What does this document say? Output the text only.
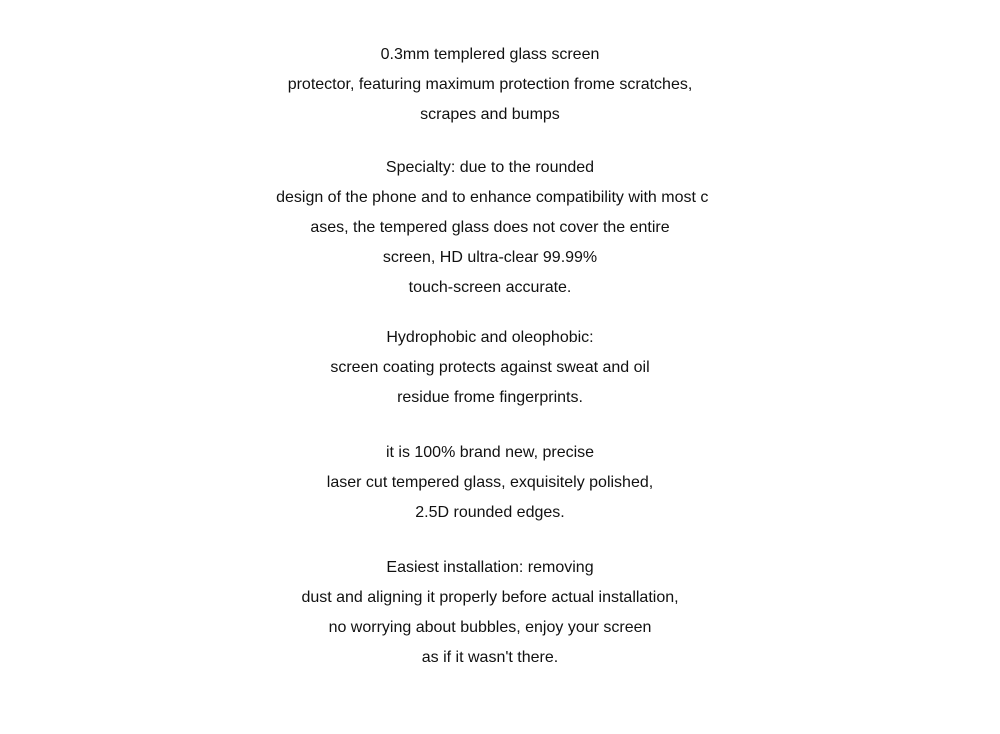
0.3mm templered glass screen
protector, featuring maximum protection frome scratches,
scrapes and bumps
Specialty: due to the rounded
design of the phone and to enhance compatibility with most c
ases, the tempered glass does not cover the entire
screen, HD ultra-clear 99.99%
touch-screen accurate.
Hydrophobic and oleophobic:
screen coating protects against sweat and oil
residue frome fingerprints.
it is 100% brand new, precise
laser cut tempered glass, exquisitely polished,
2.5D rounded edges.
Easiest installation: removing
dust and aligning it properly before actual installation,
no worrying about bubbles, enjoy your screen
as if it wasn't there.
